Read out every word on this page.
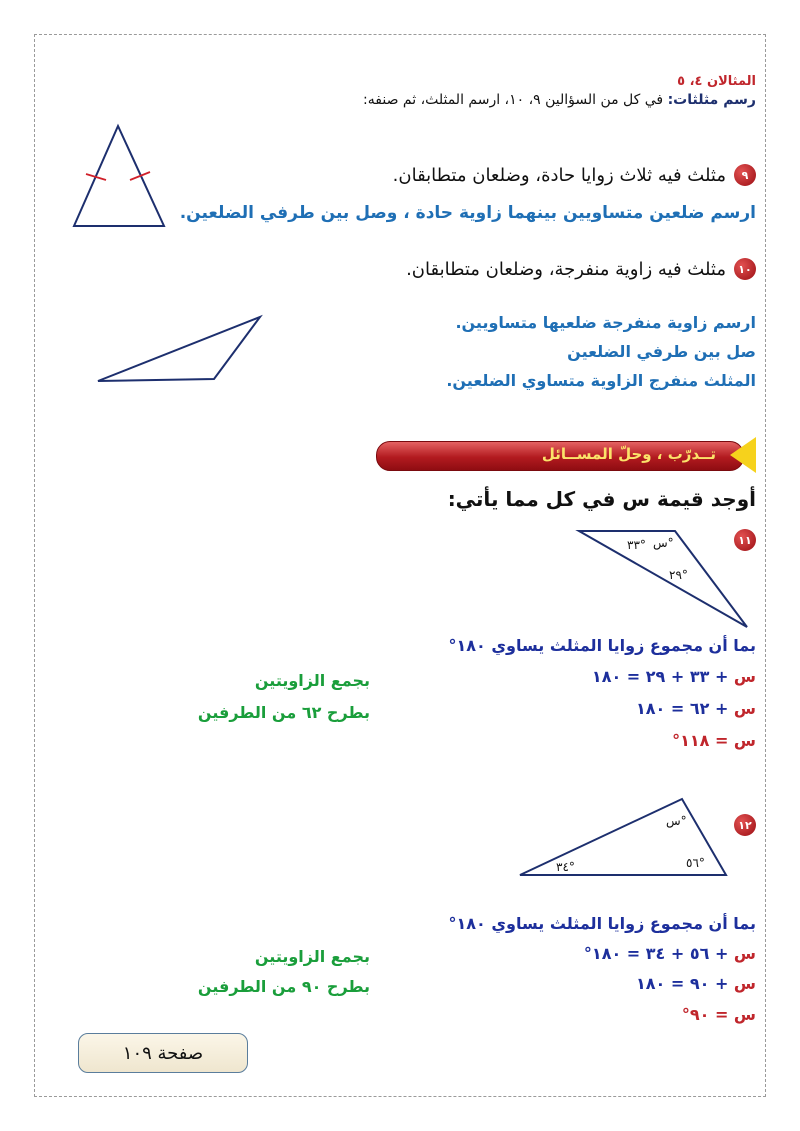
المثالان ٤، ٥
رسم مثلثات: في كل من السؤالين ٩، ١٠، ارسم المثلث، ثم صنفه:
٩
مثلث فيه ثلاث زوايا حادة، وضلعان متطابقان.
ارسم ضلعين متساويين بينهما زاوية حادة ، وصل بين طرفي الضلعين.
١٠
مثلث فيه زاوية منفرجة، وضلعان متطابقان.
ارسم زاوية منفرجة ضلعيها متساويين.
صل بين طرفي الضلعين
المثلث منفرج الزاوية متساوي الضلعين.
تــدرّب ، وحلّ المســائل
أوجد قيمة س في كل مما يأتي:
١١
٣٣° س°
٢٩°
بما أن مجموع زوايا المثلث يساوي ١٨٠°
س + ٣٣ + ٢٩ = ١٨٠
بجمع الزاويتين
س + ٦٢ = ١٨٠
بطرح ٦٢ من الطرفين
س = ١١٨°
١٢
س°
٣٤°	٥٦°
بما أن مجموع زوايا المثلث يساوي ١٨٠°
س + ٥٦ + ٣٤ = ١٨٠°
بجمع الزاويتين
س + ٩٠ = ١٨٠
بطرح ٩٠ من الطرفين
س = ٩٠°
صفحة ١٠٩
